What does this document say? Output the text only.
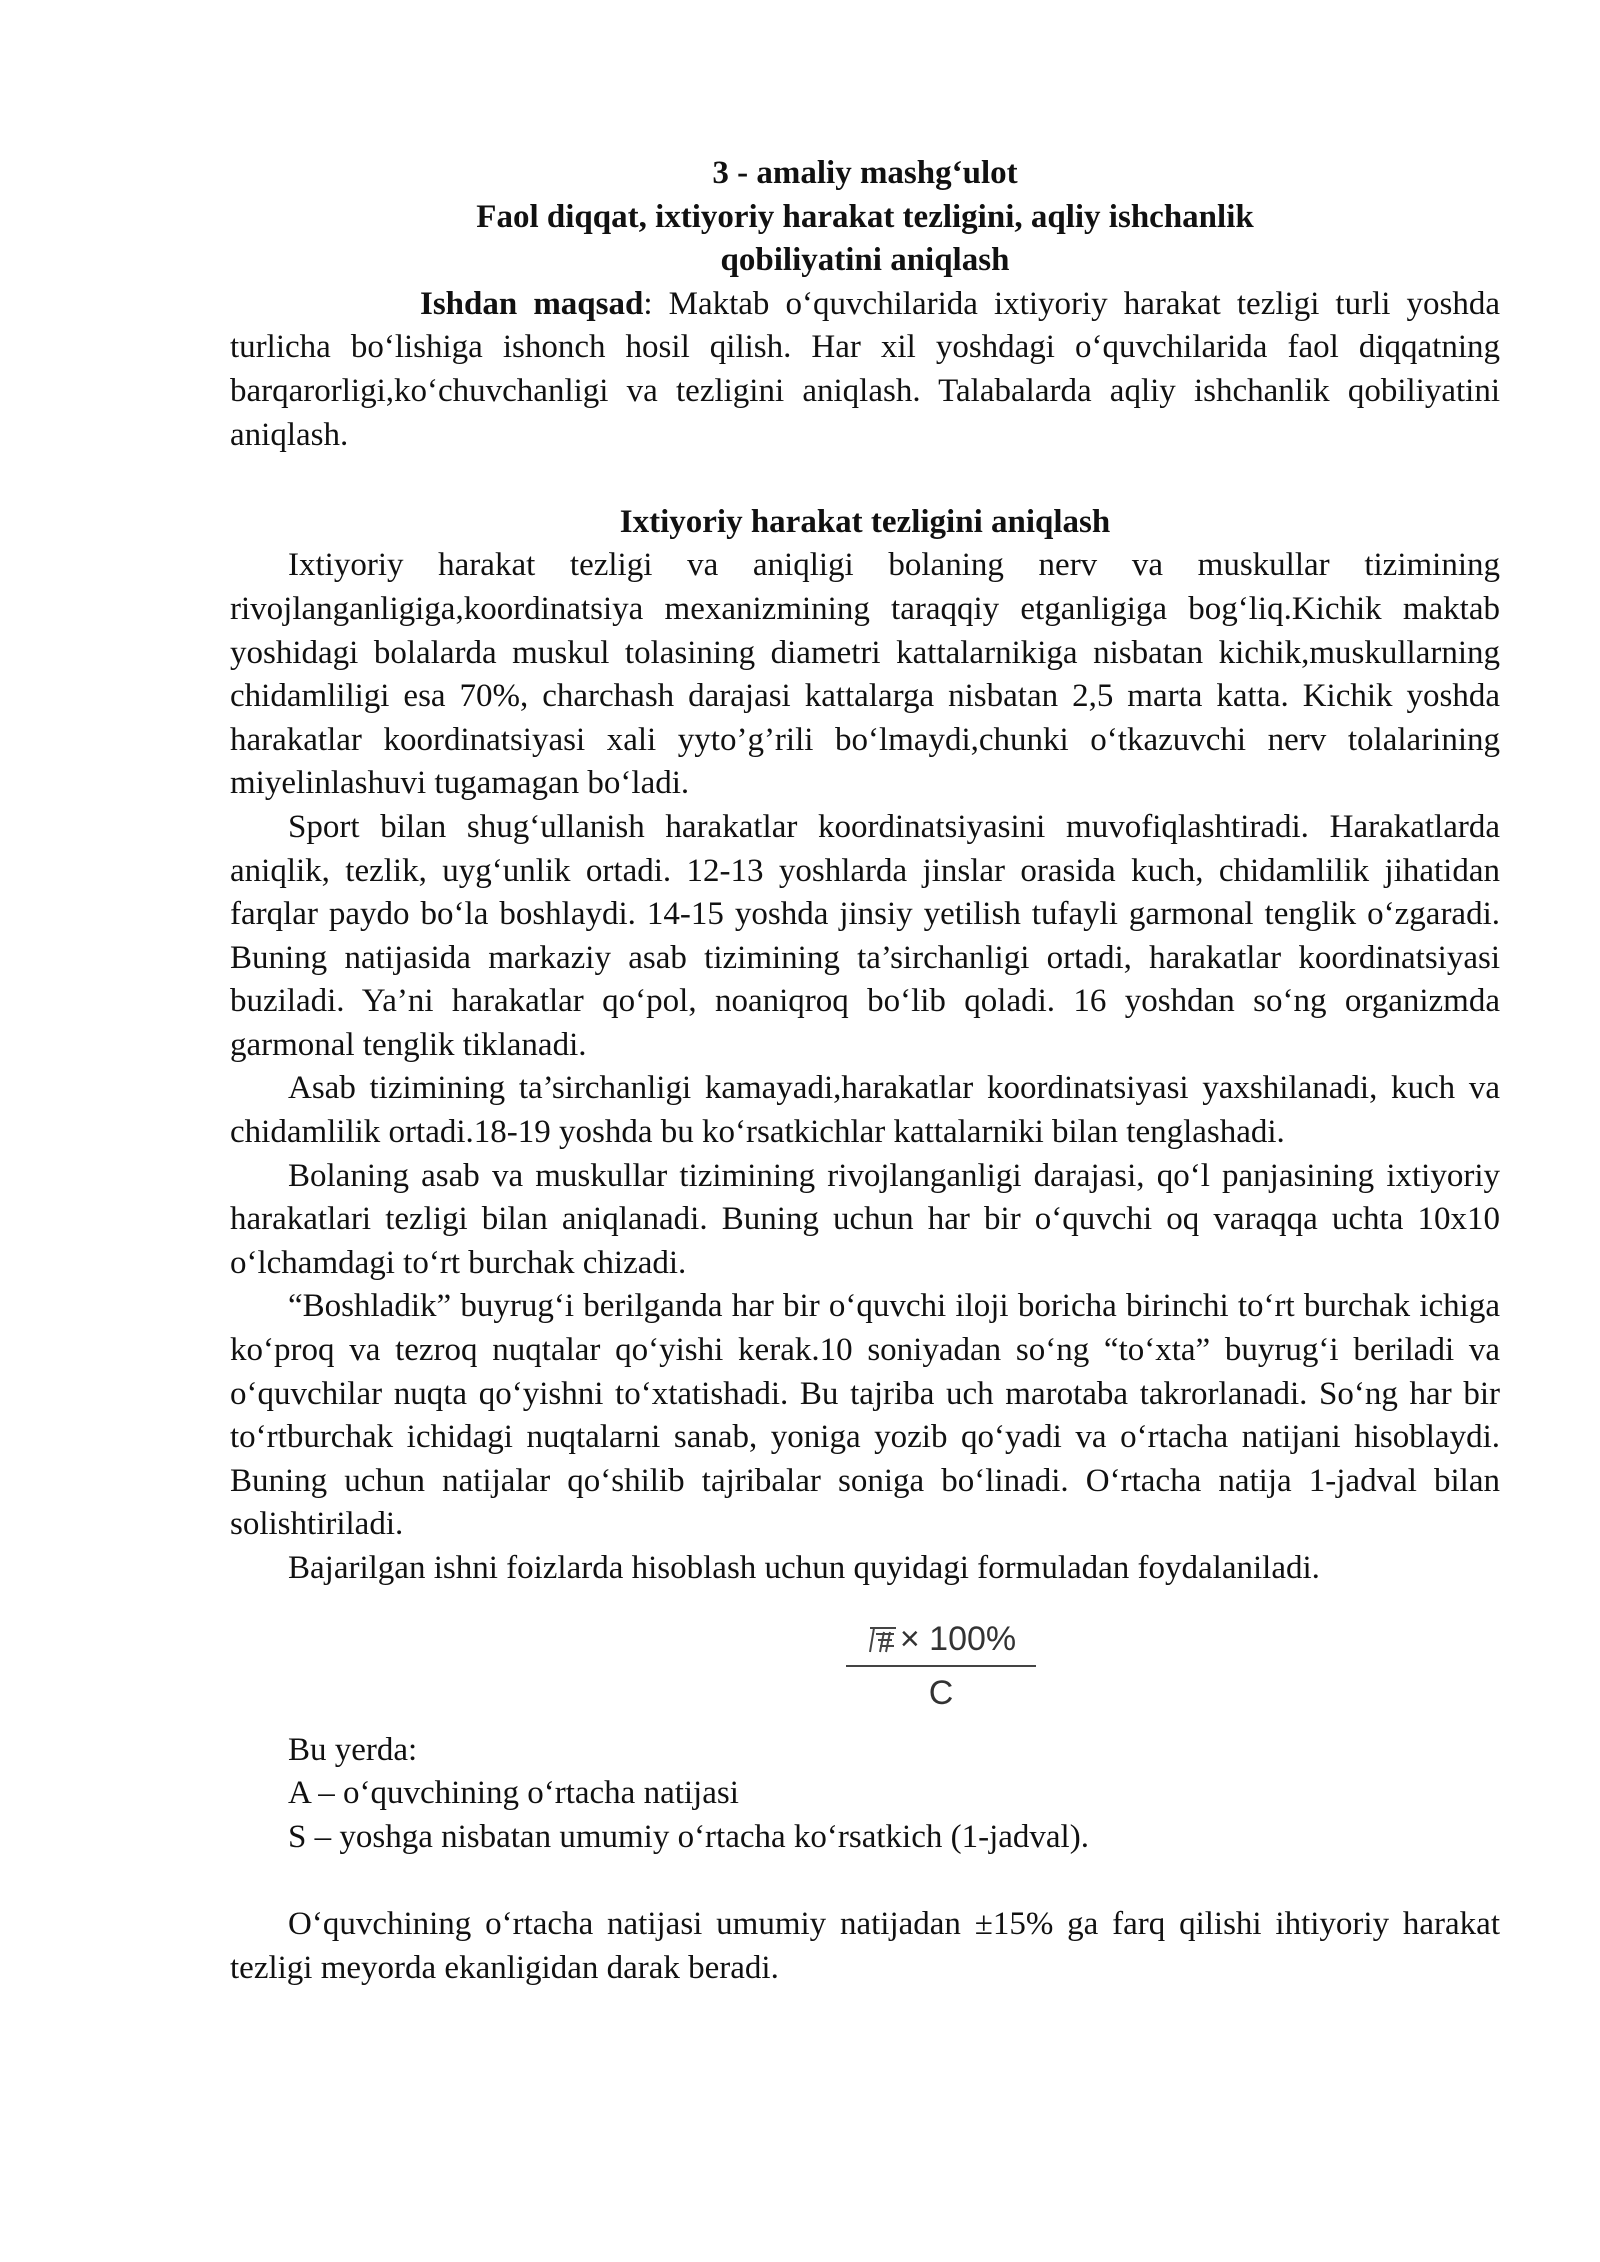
3 - amaliy mashg‘ulot

Faol diqqat, ixtiyoriy harakat tezligini, aqliy ishchanlik

qobiliyatini aniqlash

Ishdan maqsad: Maktab o‘quvchilarida ixtiyoriy harakat tezligi turli yoshda turlicha bo‘lishiga ishonch hosil qilish. Har xil yoshdagi o‘quvchilarida faol diqqatning barqarorligi,ko‘chuvchanligi va tezligini aniqlash. Talabalarda aqliy ishchanlik qobiliyatini aniqlash.

Ixtiyoriy harakat tezligini aniqlash

Ixtiyoriy harakat tezligi va aniqligi bolaning nerv va muskullar tizimining rivojlanganligiga,koordinatsiya mexanizmining taraqqiy etganligiga bog‘liq.Kichik maktab yoshidagi bolalarda muskul tolasining diametri kattalarnikiga nisbatan kichik,muskullarning chidamliligi esa 70%, charchash darajasi kattalarga nisbatan 2,5 marta katta. Kichik yoshda harakatlar koordinatsiyasi xali yyto’g’rili bo‘lmaydi,chunki o‘tkazuvchi nerv tolalarining miyelinlashuvi tugamagan bo‘ladi.

Sport bilan shug‘ullanish harakatlar koordinatsiyasini muvofiqlashtiradi. Harakatlarda aniqlik, tezlik, uyg‘unlik ortadi. 12-13 yoshlarda jinslar orasida kuch, chidamlilik jihatidan farqlar paydo bo‘la boshlaydi. 14-15 yoshda jinsiy yetilish tufayli garmonal tenglik o‘zgaradi. Buning natijasida markaziy asab tizimining ta’sirchanligi ortadi, harakatlar koordinatsiyasi buziladi. Ya’ni harakatlar qo‘pol, noaniqroq bo‘lib qoladi. 16 yoshdan so‘ng organizmda garmonal tenglik tiklanadi.

Asab tizimining ta’sirchanligi kamayadi,harakatlar koordinatsiyasi yaxshilanadi, kuch va chidamlilik ortadi.18-19 yoshda bu ko‘rsatkichlar kattalarniki bilan tenglashadi.

Bolaning asab va muskullar tizimining rivojlanganligi darajasi, qo‘l panjasining ixtiyoriy harakatlari tezligi bilan aniqlanadi. Buning uchun har bir o‘quvchi oq varaqqa uchta 10x10 o‘lchamdagi to‘rt burchak chizadi.

“Boshladik” buyrug‘i berilganda har bir o‘quvchi iloji boricha birinchi to‘rt burchak ichiga ko‘proq va tezroq nuqtalar qo‘yishi kerak.10 soniyadan so‘ng “to‘xta” buyrug‘i beriladi va o‘quvchilar nuqta qo‘yishni to‘xtatishadi. Bu tajriba uch marotaba takrorlanadi. So‘ng har bir to‘rtburchak ichidagi nuqtalarni sanab, yoniga yozib qo‘yadi va o‘rtacha natijani hisoblaydi. Buning uchun natijalar qo‘shilib tajribalar soniga bo‘linadi. O‘rtacha natija 1-jadval bilan solishtiriladi.

Bajarilgan ishni foizlarda hisoblash uchun quyidagi formuladan foydalaniladi.

× 100%
C

Bu yerda:

A – o‘quvchining o‘rtacha natijasi

S – yoshga nisbatan umumiy o‘rtacha ko‘rsatkich (1-jadval).

O‘quvchining o‘rtacha natijasi umumiy natijadan ±15% ga farq qilishi ihtiyoriy harakat tezligi meyorda ekanligidan darak beradi.
